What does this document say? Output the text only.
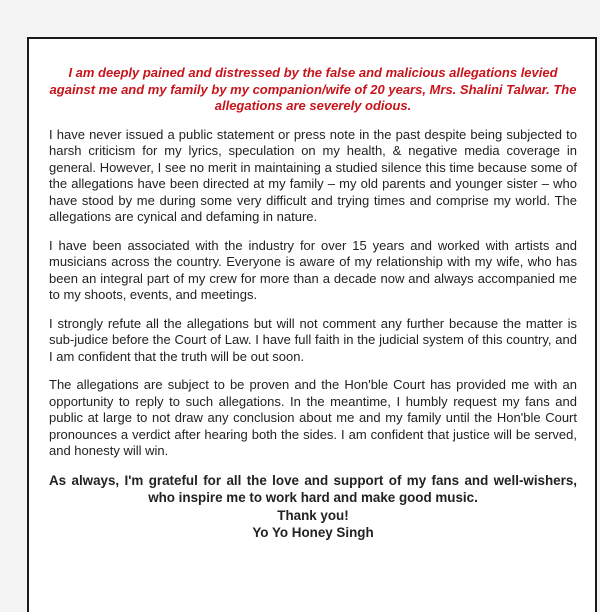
I am deeply pained and distressed by the false and malicious allegations levied against me and my family by my companion/wife of 20 years, Mrs. Shalini Talwar. The allegations are severely odious.

I have never issued a public statement or press note in the past despite being subjected to harsh criticism for my lyrics, speculation on my health, & negative media coverage in general. However, I see no merit in maintaining a studied silence this time because some of the allegations have been directed at my family – my old parents and younger sister – who have stood by me during some very difficult and trying times and comprise my world. The allegations are cynical and defaming in nature.

I have been associated with the industry for over 15 years and worked with artists and musicians across the country. Everyone is aware of my relationship with my wife, who has been an integral part of my crew for more than a decade now and always accompanied me to my shoots, events, and meetings.

I strongly refute all the allegations but will not comment any further because the matter is sub-judice before the Court of Law. I have full faith in the judicial system of this country, and I am confident that the truth will be out soon.

The allegations are subject to be proven and the Hon'ble Court has provided me with an opportunity to reply to such allegations. In the meantime, I humbly request my fans and public at large to not draw any conclusion about me and my family until the Hon'ble Court pronounces a verdict after hearing both the sides. I am confident that justice will be served, and honesty will win.

As always, I'm grateful for all the love and support of my fans and well-wishers, who inspire me to work hard and make good music.

Thank you!

Yo Yo Honey Singh
